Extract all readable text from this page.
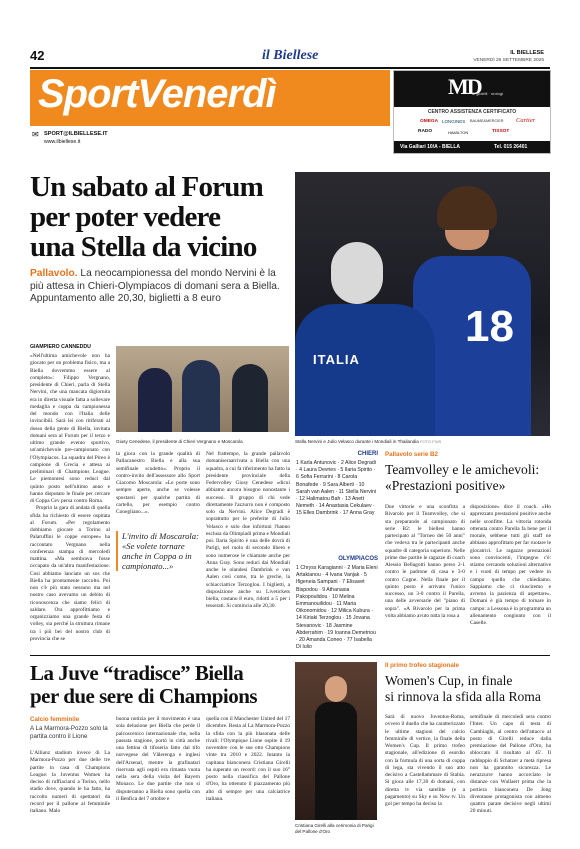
42	il Biellese	IL BIELLESE
VENERDÌ 26 SETTEMBRE 2025
SportVenerdì
✉ SPORT@ILBIELLESE.IT
www.ilbiellese.it
MD
di gioielli · orologi
CENTRO ASSISTENZA CERTIFICATO
OMEGA LONGINES BAUME&MERCIER Cartier
RADO	HAMILTON	TISSOT
Via Galliari 10/A - BIELLA	Tel. 015 26401
Un sabato al Forum
per poter vedere
una Stella da vicino
Pallavolo. La neocampionessa del mondo Nervini è la più attesa in Chieri-Olympiacos di domani sera a Biella. Appuntamento alle 20,30, biglietti a 8 euro
18
ITALIA
Stella Nervini e Julio Velasco durante i Mondiali in Thailandia FOTO FIVB
GIAMPIERO CANNEDDU

«Nell'ultima amichevole non ha giocato per un problema fisico, ma a Biella dovremmo essere al completo»: Filippo Vergnano, presidente di Chieri, parla di Stella Nervini, che una mancata digiornita era in diretta visuale fatta a sollevare medaglia e coppa da campionessa del mondo con l'Italia delle invincibili. Sarà lei con ritiferati al dosso della gente di Biella, invitata domani sera al Forum per il terzo e ultimo grande evento sportivo, un'amichevole pre-campionato con l'Olympiacos. La squadra del Pireo è campione di Grecia e attesa ai preliminari di Champions League. Le piemontesi sono reduci dal quinto posto nell'ultimo anno e hanno disputato le finale per cercare di Coppa Cev persa contro Roma.

Proprio la gara di andata di quella sfida ha richiesto di essere ospitata al Forum. «Per regolamento dobbiamo giocare a Torino al Palaruffini le coppe europee» ha raccontato Vergnano nella conferenza stampa di mercoledì mattina. «Ma sembrava fosse occupato da un'altra manifestazione. Così abbiamo lanciato un sos che Biella ha prontamente raccolto. Poi non c'è più stato nessuno ma nel nostro caso avevamo un debito di riconoscenza che siamo felici di saldare. Ora approfittiamo e organizziamo una grande festa di volley, sia perché la struttura rimane tra i più bei del nostro club di provincia che se

Giusy Cenedese, il presidente di Chieri Vergnano e Moscarola

la gioca con la grande qualità di Pallacanestro Biella e alla sua semifinale scudetto». Proprio il contro-invito dell'assessore allo Sport Giacomo Moscarola: «Le porte sono sempre aperte, anche se volesse spostarsi per qualche partita di cartello, per esempio contro Conegliano...».

L'invito di Moscarola: «Se volete tornare anche in Coppa o in campionato...»

Nel frattempo, la grande pallavolo domaniseraarrivata a Biella con una squadra, a cui fa riferimento ha fatto la presidente provinciale della Federvolley Giusy Cenedese «dicui abbiamo ancora bisogno nonostante i successi. Il gruppo di chi vede direttamente l'azzurro non è composto solo da Nervini. Alice Degradi è soprattutto per le preferite di Julio Velasco e solo due infortuni l'hanno esclusa da Olimpiadi prima e Mondiali poi. Ilaria Spirito è una delle dovrà di Parigi, nel ruolo di secondo libero e sono numerose le chiamate anche per Anna Gray. Sono reduci dai Mondiali anche le olandesi Dambrink e van Aalen così come, tra le greche, la schiacciatrice Terzoglou. I biglietti, a disposizione anche su Livetickets biella, costano 8 euro, ridotti a 5 per i tesserati. Si comincia alle 20,30.

CHIERI
1 Karla Antunovic · 2 Alice Degradi · 4 Laura Devries · 5 Ilaria Spirito · 6 Sofia Ferrarini · 8 Carola Bonafede · 9 Sara Alberti · 10 Sarah van Aalen · 11 Stella Nervini · 12 Halimatou Bah · 13 Anett Nemeth · 14 Anastasia Cekulaev · 15 Elles Dambrink · 17 Anna Gray
OLYMPIACOS
1 Chryss Karagianni · 2 Maria Eleni Artakianou · 4 Ivana Vanjak · 5 Ifigeneia Sampani · 7 Elisavet Bispodou · 9 Athanasia Pakopoulidou · 10 Melina Emmanouilidou · 11 Maria Oikonomidou · 12 Milica Kubura · 14 Kiriaki Terzoglou · 15 Jovana Stevanovic · 18 Jasmine Abderrahim · 19 Ioanna Demetriou · 20 Amanda Coneo · 77 Isabella Di Iulio
Pallavolo serie B2
Teamvolley e le amichevoli:
«Prestazioni positive»

Due vittorie e una sconfitta a Rivarolo per il Teamvolley, che si sta preparando al campionato di serie B2: le biellesi hanno partecipato al "Torneo dei 50 anni" che vedeva tra le partecipanti anche squadre di categoria superiore. Nelle prime due partite le ragazze di coach Alessio Bellagotti hanno perso 2-1 contro le padrone di casa e 3-0 contro Cogne. Nella finale per il quinto posto è arrivato l'unico successo, un 3-0 contro il Parella, una delle avversarie del "piano di sopra". «A Rivarolo per la prima volta abbiamo avuto tutta la rosa a

disposizione» dice il coach. «Ho apprezzato prestazioni positive anche nelle sconfitte. La vittoria rotonda ottenuta contro Parella fa bene per il morale, sebbene tutti gli staff ne abbiano approfittato per far ruotare le giocatrici. Le ragazze prestazioni sono convincenti, l'impegno c'è: stiamo cercando soluzioni alternative e i vuoti di tempo per vedere in campo quello che chiediamo. Sappiamo che ci riusciremo e avremo la pazienza di aspettare». Domani è già tempo di tornare in campo: a Lessona è in programma un allenamento congiunto con il Caselle.

La Juve “tradisce” Biella
per due sere di Champions
Calcio femminile
A La Marmora-Pozzo solo la partita contro il Lione

L'Allianz stadium invece di La Marmora-Pozzo per due delle tre partite in casa di Champions League: la Juventus Women ha deciso di ruffiaciarsi a Torino, nello stadio dove, quando le ha fatto, ha raccolto numeri di spettatori da record per il pallone al femminile italiano. Malo

buona notizia per il movimento è una sola delusione per Biella che perde il palcoscenico internazionale che, nella passata stagione, portò in città anche una fettina di tifoseria fatto dal tifo norvegese del Vålerenga e inglesi dell'Arsenal, mentre la grafinatari riservata agli ospiti era rimasta vuota nella sera della visita del Bayern Monaco. Le due partite che non si disputeranno a Biella sono quella con il Benfica del 7 ottobre e

quella con il Manchester United del 17 dicembre. Resta al La Marmora-Pozzo la sfida con la più blasonata delle rivali: l'Olympique Lione ospite il 19 novembre con le sue otto Champions vinte tra 2010 e 2022. Intanto la capitana bianconera Cristiana Girelli ha superato un record: con il suo 16° posto nella classifica del Pallone d'Oro, ha ottenuto il piazzamento più alto di sempre per una calciatrice italiana.

Cristiana Girelli alla cerimonia di Parigi del Pallone d'Oro
Il primo trofeo stagionale
Women's Cup, in finale
si rinnova la sfida alla Roma

Sarà di nuovo Juventus-Roma, ovvero il duello che ha caratterizzato le ultime stagioni del calcio femminile di vertice, la finale della Women's Cup. Il primo trofeo stagionale, all'edizione di esordio con la formula di una sorta di coppa di lega, sta vivendo il suo atto decisivo a Castellammare di Stabia. Si gioca alle 17,30 di domani, con diretta tv via satellite (e a pagamento) su Sky e su Now tv. Un gol per tempo ha deciso la

semifinale di mercoledì sera contro l'Inter. Un capo di testa di Cambiaghi, al centro dell'attacco al posto di Girelli reduce dalla premiazione del Pallone d'Oro, ha sbloccato il risultato al 45'. Il raddoppio di Schatzer a metà ripresa non ha garantito sicurezza. Le nerazzurre hanno accorciato le distanze con Wullaert prima che la portiera bianconera De Jong diventasse protagonista con almeno quattro parate decisive negli ultimi 20 minuti.
